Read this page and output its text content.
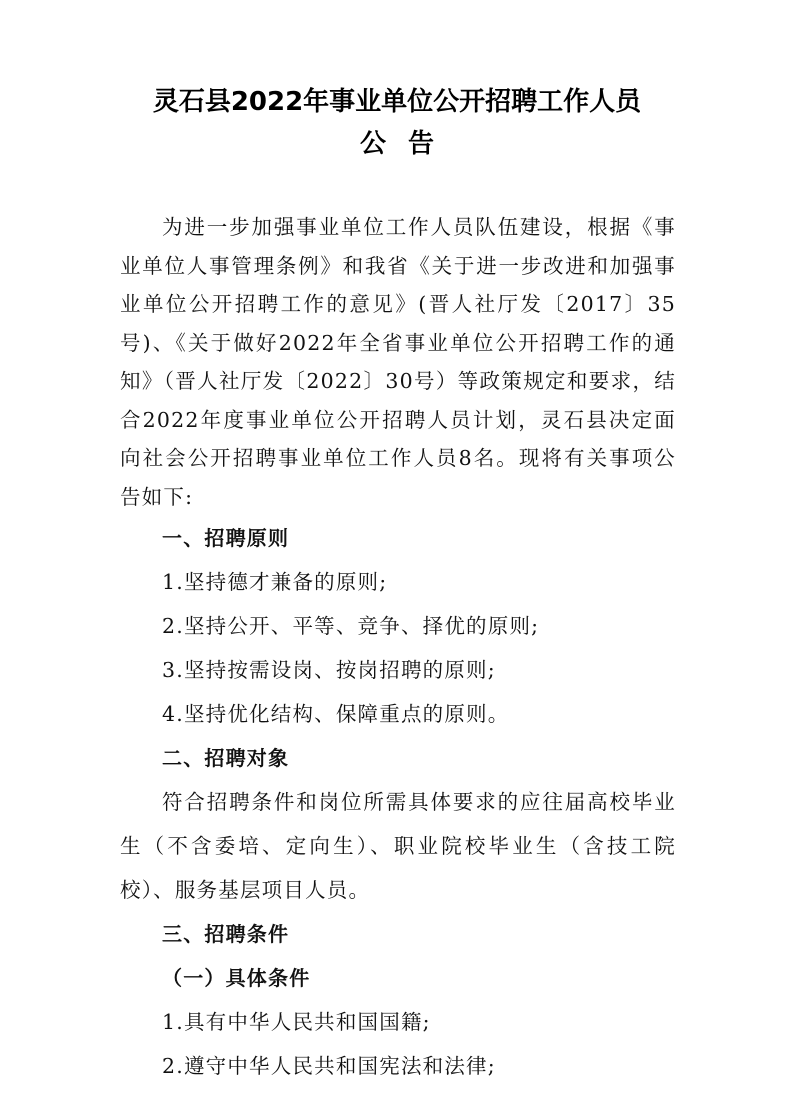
灵石县2022年事业单位公开招聘工作人员
公告

为进一步加强事业单位工作人员队伍建设，根据《事业单位人事管理条例》和我省《关于进一步改进和加强事业单位公开招聘工作的意见》(晋人社厅发〔2017〕35号)、《关于做好2022年全省事业单位公开招聘工作的通知》（晋人社厅发〔2022〕30号）等政策规定和要求，结合2022年度事业单位公开招聘人员计划，灵石县决定面向社会公开招聘事业单位工作人员8名。现将有关事项公告如下:

一、招聘原则

1.坚持德才兼备的原则;

2.坚持公开、平等、竞争、择优的原则;

3.坚持按需设岗、按岗招聘的原则;

4.坚持优化结构、保障重点的原则。

二、招聘对象

符合招聘条件和岗位所需具体要求的应往届高校毕业生（不含委培、定向生）、职业院校毕业生（含技工院校）、服务基层项目人员。

三、招聘条件

（一）具体条件

1.具有中华人民共和国国籍;

2.遵守中华人民共和国宪法和法律;
